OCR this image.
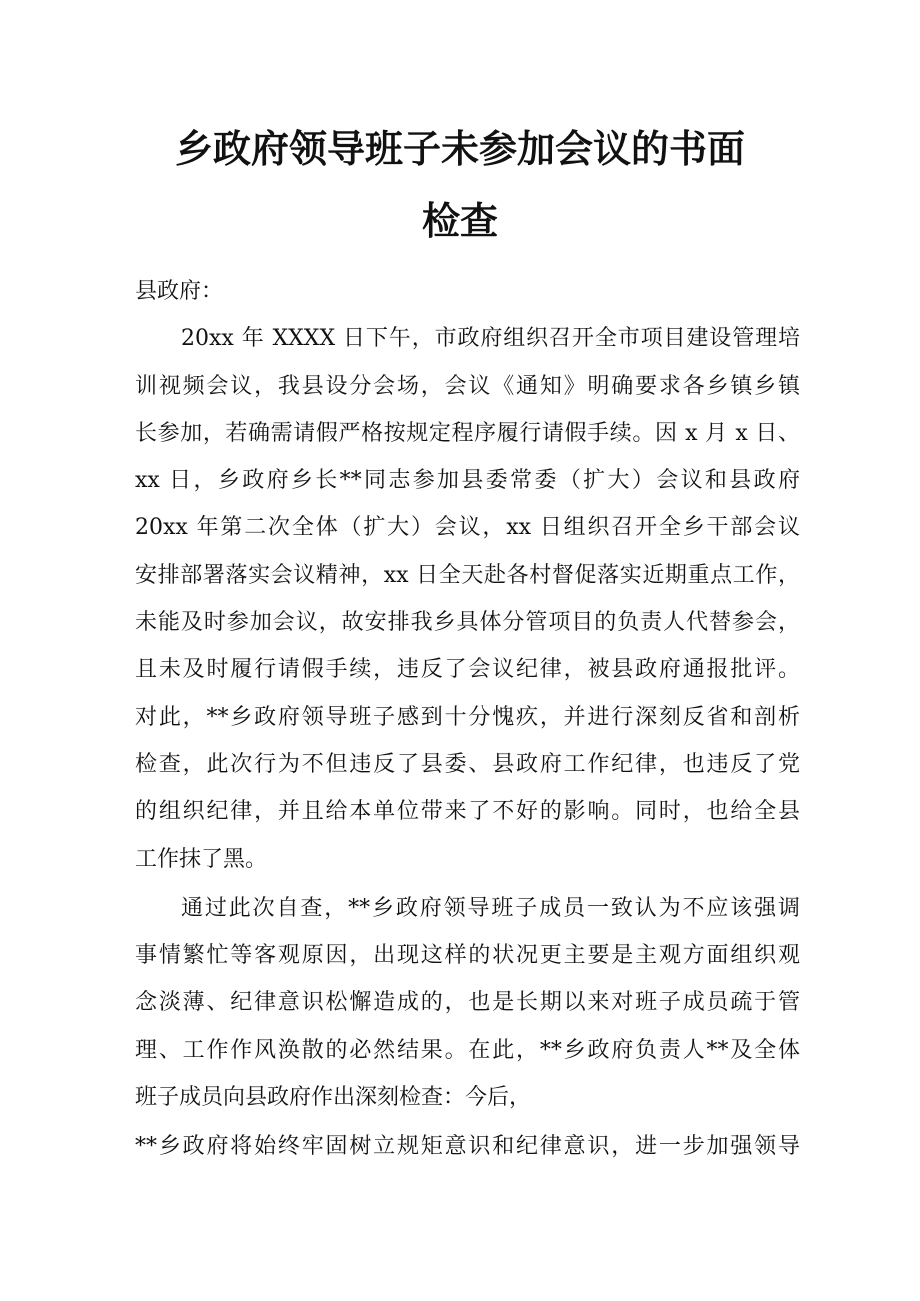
乡政府领导班子未参加会议的书面
检查
县政府：
20xx 年 XXXX 日下午，市政府组织召开全市项目建设管理培
训视频会议，我县设分会场，会议《通知》明确要求各乡镇乡镇
长参加，若确需请假严格按规定程序履行请假手续。因 x 月 x 日、
xx 日，乡政府乡长**同志参加县委常委（扩大）会议和县政府
20xx 年第二次全体（扩大）会议，xx 日组织召开全乡干部会议
安排部署落实会议精神，xx 日全天赴各村督促落实近期重点工作，
未能及时参加会议，故安排我乡具体分管项目的负责人代替参会，
且未及时履行请假手续，违反了会议纪律，被县政府通报批评。
对此，**乡政府领导班子感到十分愧疚，并进行深刻反省和剖析
检查，此次行为不但违反了县委、县政府工作纪律，也违反了党
的组织纪律，并且给本单位带来了不好的影响。同时，也给全县
工作抹了黑。
通过此次自查，**乡政府领导班子成员一致认为不应该强调
事情繁忙等客观原因，出现这样的状况更主要是主观方面组织观
念淡薄、纪律意识松懈造成的，也是长期以来对班子成员疏于管
理、工作作风涣散的必然结果。在此，**乡政府负责人**及全体
班子成员向县政府作出深刻检查：今后，
**乡政府将始终牢固树立规矩意识和纪律意识，进一步加强领导
